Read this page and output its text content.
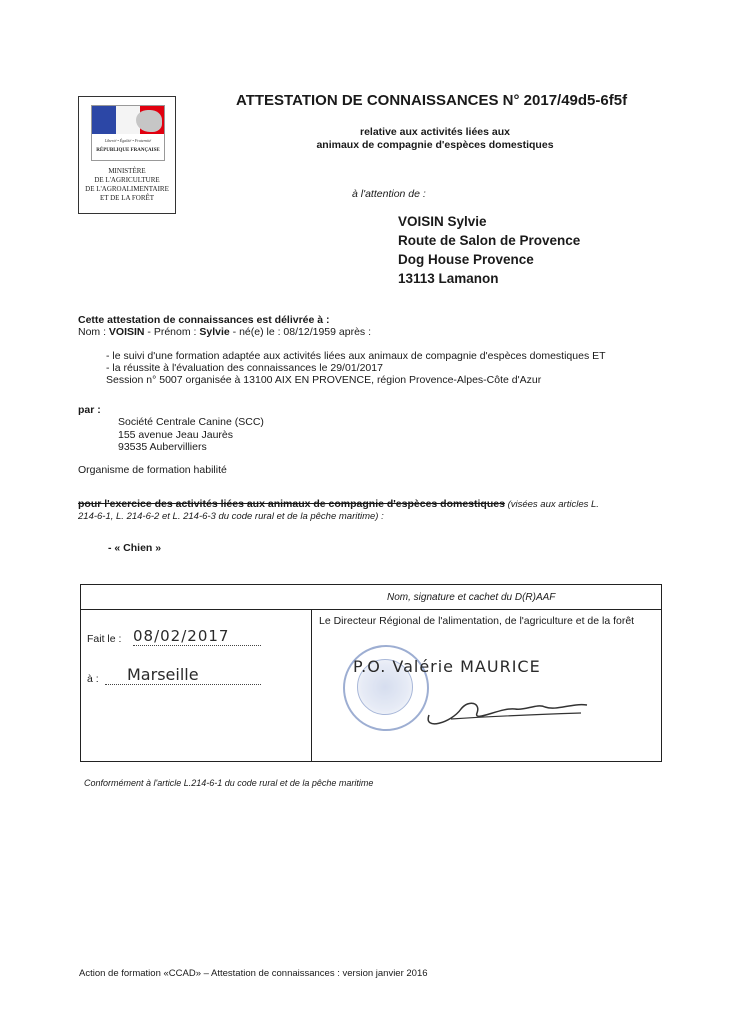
Liberté • Égalité • Fraternité
RÉPUBLIQUE FRANÇAISE
MINISTÈRE
DE L'AGRICULTURE
DE L'AGROALIMENTAIRE
ET DE LA FORÊT
ATTESTATION DE CONNAISSANCES N° 2017/49d5-6f5f
relative aux activités liées aux
animaux de compagnie d'espèces domestiques
à l'attention de :
VOISIN Sylvie
Route de Salon de Provence
Dog House Provence
13113 Lamanon
Cette attestation de connaissances est délivrée à :
Nom : VOISIN - Prénom : Sylvie - né(e) le : 08/12/1959 après :
- le suivi d'une formation adaptée aux activités liées aux animaux de compagnie d'espèces domestiques ET
- la réussite à l'évaluation des connaissances le 29/01/2017
Session n° 5007 organisée à 13100 AIX EN PROVENCE, région Provence-Alpes-Côte d'Azur
par :
Société Centrale Canine (SCC)
155 avenue Jeau Jaurès
93535 Aubervilliers
Organisme de formation habilité
pour l'exercice des activités liées aux animaux de compagnie d'espèces domestiques (visées aux articles L.
214-6-1, L. 214-6-2 et L. 214-6-3 du code rural et de la pêche maritime) :
- « Chien »
Nom, signature et cachet du D(R)AAF
Fait le : 08/02/2017
à :	Marseille
Le Directeur Régional de l'alimentation, de l'agriculture et de la forêt
P.O. Valérie MAURICE
Conformément à l'article L.214-6-1 du code rural et de la pêche maritime
Action de formation «CCAD» – Attestation de connaissances : version janvier 2016
